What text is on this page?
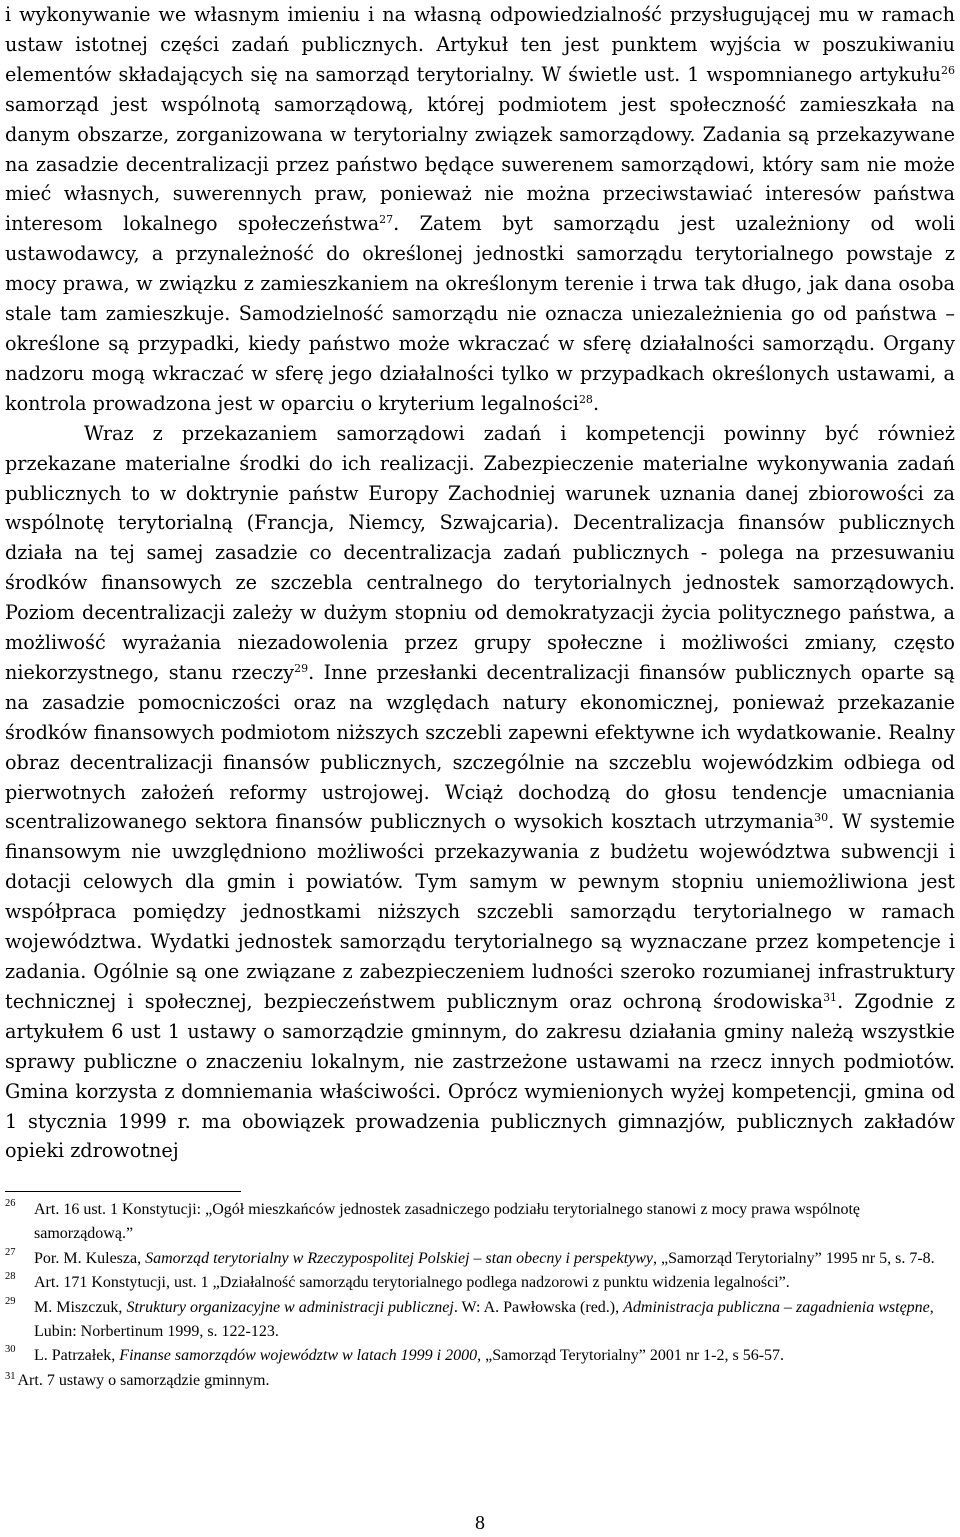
i wykonywanie we własnym imieniu i na własną odpowiedzialność przysługującej mu w ramach ustaw istotnej części zadań publicznych. Artykuł ten jest punktem wyjścia w poszukiwaniu elementów składających się na samorząd terytorialny. W świetle ust. 1 wspomnianego artykułu$^{26}$ samorząd jest wspólnotą samorządową, której podmiotem jest społeczność zamieszkała na danym obszarze, zorganizowana w terytorialny związek samorządowy. Zadania są przekazywane na zasadzie decentralizacji przez państwo będące suwerenem samorządowi, który sam nie może mieć własnych, suwerennych praw, ponieważ nie można przeciwstawiać interesów państwa interesom lokalnego społeczeństwa$^{27}$. Zatem byt samorządu jest uzależniony od woli ustawodawcy, a przynależność do określonej jednostki samorządu terytorialnego powstaje z mocy prawa, w związku z zamieszkaniem na określonym terenie i trwa tak długo, jak dana osoba stale tam zamieszkuje. Samodzielność samorządu nie oznacza uniezależnienia go od państwa – określone są przypadki, kiedy państwo może wkraczać w sferę działalności samorządu. Organy nadzoru mogą wkraczać w sferę jego działalności tylko w przypadkach określonych ustawami, a kontrola prowadzona jest w oparciu o kryterium legalności$^{28}$.

Wraz z przekazaniem samorządowi zadań i kompetencji powinny być również przekazane materialne środki do ich realizacji. Zabezpieczenie materialne wykonywania zadań publicznych to w doktrynie państw Europy Zachodniej warunek uznania danej zbiorowości za wspólnotę terytorialną (Francja, Niemcy, Szwajcaria). Decentralizacja finansów publicznych działa na tej samej zasadzie co decentralizacja zadań publicznych - polega na przesuwaniu środków finansowych ze szczebla centralnego do terytorialnych jednostek samorządowych. Poziom decentralizacji zależy w dużym stopniu od demokratyzacji życia politycznego państwa, a możliwość wyrażania niezadowolenia przez grupy społeczne i możliwości zmiany, często niekorzystnego, stanu rzeczy$^{29}$. Inne przesłanki decentralizacji finansów publicznych oparte są na zasadzie pomocniczości oraz na względach natury ekonomicznej, ponieważ przekazanie środków finansowych podmiotom niższych szczebli zapewni efektywne ich wydatkowanie. Realny obraz decentralizacji finansów publicznych, szczególnie na szczeblu wojewódzkim odbiega od pierwotnych założeń reformy ustrojowej. Wciąż dochodzą do głosu tendencje umacniania scentralizowanego sektora finansów publicznych o wysokich kosztach utrzymania$^{30}$. W systemie finansowym nie uwzględniono możliwości przekazywania z budżetu województwa subwencji i dotacji celowych dla gmin i powiatów. Tym samym w pewnym stopniu uniemożliwiona jest współpraca pomiędzy jednostkami niższych szczebli samorządu terytorialnego w ramach województwa. Wydatki jednostek samorządu terytorialnego są wyznaczane przez kompetencje i zadania. Ogólnie są one związane z zabezpieczeniem ludności szeroko rozumianej infrastruktury technicznej i społecznej, bezpieczeństwem publicznym oraz ochroną środowiska$^{31}$. Zgodnie z artykułem 6 ust 1 ustawy o samorządzie gminnym, do zakresu działania gminy należą wszystkie sprawy publiczne o znaczeniu lokalnym, nie zastrzeżone ustawami na rzecz innych podmiotów. Gmina korzysta z domniemania właściwości. Oprócz wymienionych wyżej kompetencji, gmina od 1 stycznia 1999 r. ma obowiązek prowadzenia publicznych gimnazjów, publicznych zakładów opieki zdrowotnej

26 Art. 16 ust. 1 Konstytucji: „Ogół mieszkańców jednostek zasadniczego podziału terytorialnego stanowi z mocy prawa wspólnotę samorządową.”
27 Por. M. Kulesza, Samorząd terytorialny w Rzeczypospolitej Polskiej – stan obecny i perspektywy, „Samorząd Terytorialny” 1995 nr 5, s. 7-8.
28 Art. 171 Konstytucji, ust. 1 „Działalność samorządu terytorialnego podlega nadzorowi z punktu widzenia legalności”.
29 M. Miszczuk, Struktury organizacyjne w administracji publicznej. W: A. Pawłowska (red.), Administracja publiczna – zagadnienia wstępne, Lubin: Norbertinum 1999, s. 122-123.
30 L. Patrzałek, Finanse samorządów województw w latach 1999 i 2000, „Samorząd Terytorialny” 2001 nr 1-2, s 56-57.
$^{31}$ Art. 7 ustawy o samorządzie gminnym.
8
